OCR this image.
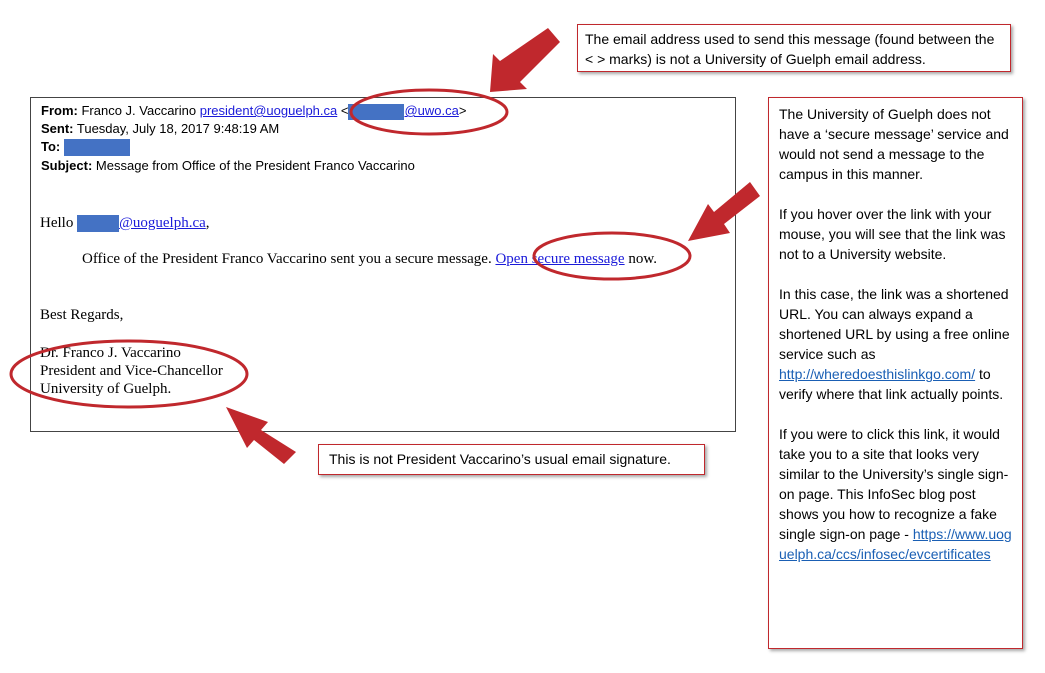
The email address used to send this message (found between the < > marks) is not a University of Guelph email address.
From: Franco J. Vaccarino president@uoguelph.ca <	@uwo.ca>
Sent: Tuesday, July 18, 2017 9:48:19 AM
To:
Subject: Message from Office of the President Franco Vaccarino
Hello	@uoguelph.ca,
Office of the President Franco Vaccarino sent you a secure message. Open secure message now.
Best Regards,
Dr. Franco J. Vaccarino
President and Vice-Chancellor
University of Guelph.
This is not President Vaccarino’s usual email signature.

The University of Guelph does not have a ‘secure message’ service and would not send a message to the campus in this manner.

If you hover over the link with your mouse, you will see that the link was not to a University website.

In this case, the link was a shortened URL. You can always expand a shortened URL by using a free online service such as http://wheredoesthislinkgo.com/ to verify where that link actually points.

If you were to click this link, it would take you to a site that looks very similar to the University’s single sign-on page. This InfoSec blog post shows you how to recognize a fake single sign-on page - https://www.uoguelph.ca/ccs/infosec/evcertificates
